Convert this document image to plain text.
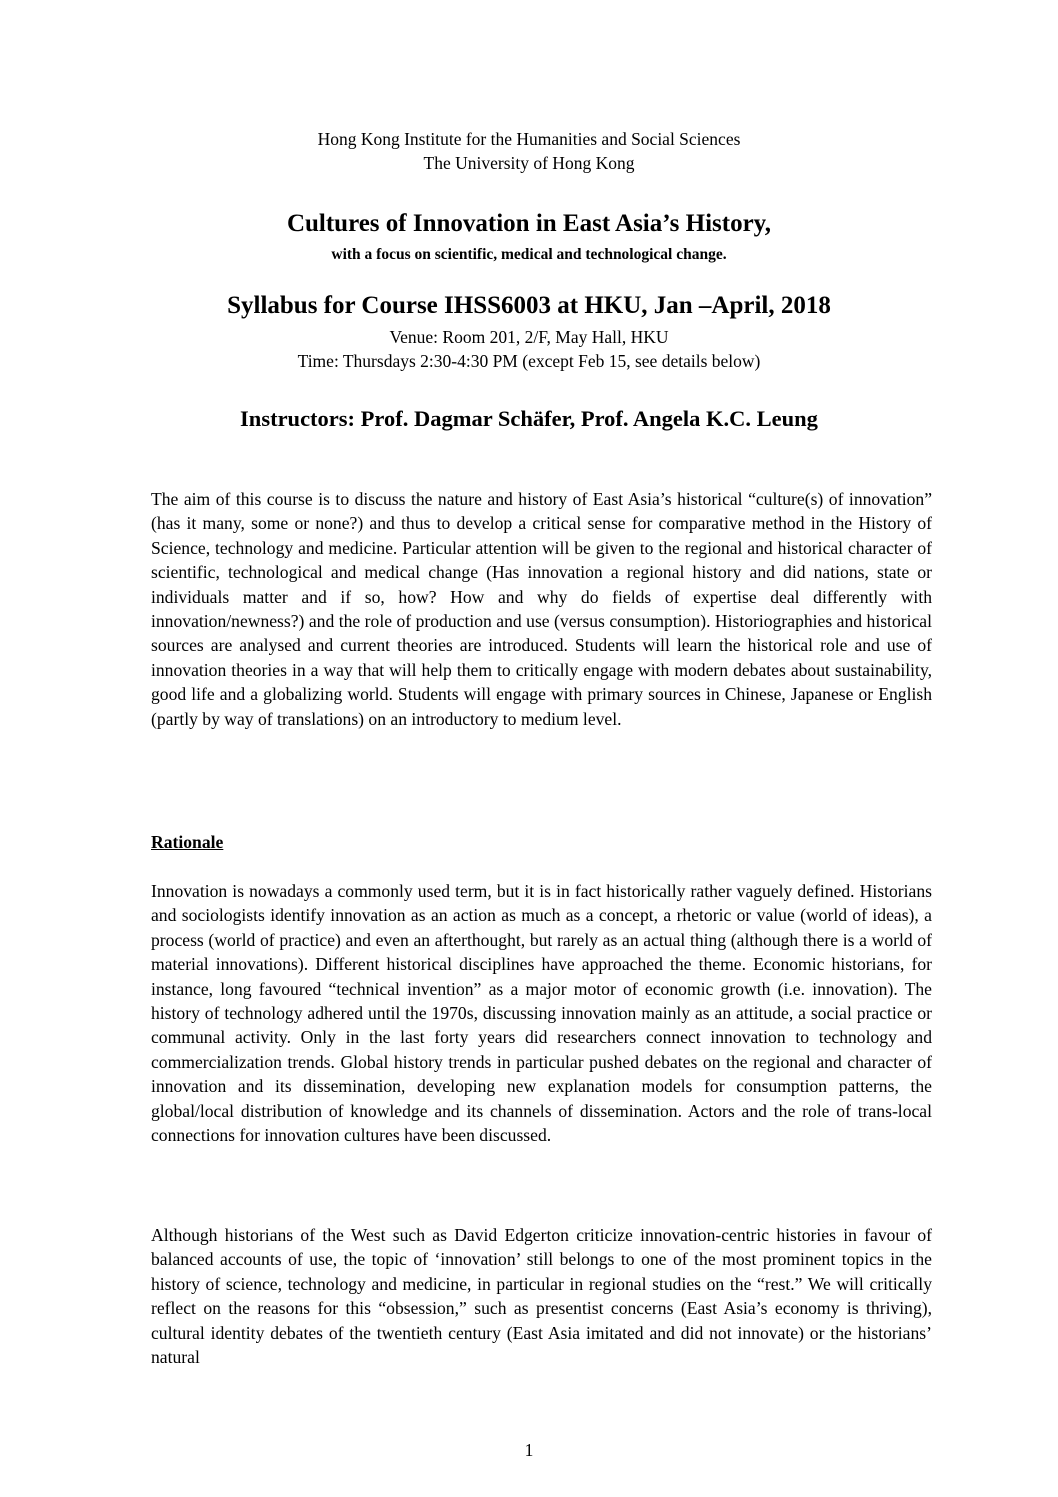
Hong Kong Institute for the Humanities and Social Sciences
The University of Hong Kong
Cultures of Innovation in East Asia’s History,
with a focus on scientific, medical and technological change.
Syllabus for Course IHSS6003 at HKU, Jan –April, 2018
Venue: Room 201, 2/F, May Hall, HKU
Time: Thursdays 2:30-4:30 PM (except Feb 15, see details below)
Instructors: Prof. Dagmar Schäfer, Prof. Angela K.C. Leung
The aim of this course is to discuss the nature and history of East Asia’s historical “culture(s) of innovation” (has it many, some or none?) and thus to develop a critical sense for comparative method in the History of Science, technology and medicine. Particular attention will be given to the regional and historical character of scientific, technological and medical change (Has innovation a regional history and did nations, state or individuals matter and if so, how? How and why do fields of expertise deal differently with innovation/newness?) and the role of production and use (versus consumption). Historiographies and historical sources are analysed and current theories are introduced. Students will learn the historical role and use of innovation theories in a way that will help them to critically engage with modern debates about sustainability, good life and a globalizing world. Students will engage with primary sources in Chinese, Japanese or English (partly by way of translations) on an introductory to medium level.
Rationale
Innovation is nowadays a commonly used term, but it is in fact historically rather vaguely defined. Historians and sociologists identify innovation as an action as much as a concept, a rhetoric or value (world of ideas), a process (world of practice) and even an afterthought, but rarely as an actual thing (although there is a world of material innovations). Different historical disciplines have approached the theme. Economic historians, for instance, long favoured “technical invention” as a major motor of economic growth (i.e. innovation). The history of technology adhered until the 1970s, discussing innovation mainly as an attitude, a social practice or communal activity. Only in the last forty years did researchers connect innovation to technology and commercialization trends. Global history trends in particular pushed debates on the regional and character of innovation and its dissemination, developing new explanation models for consumption patterns, the global/local distribution of knowledge and its channels of dissemination. Actors and the role of trans-local connections for innovation cultures have been discussed.
Although historians of the West such as David Edgerton criticize innovation-centric histories in favour of balanced accounts of use, the topic of ‘innovation’ still belongs to one of the most prominent topics in the history of science, technology and medicine, in particular in regional studies on the “rest.” We will critically reflect on the reasons for this “obsession,” such as presentist concerns (East Asia’s economy is thriving), cultural identity debates of the twentieth century (East Asia imitated and did not innovate) or the historians’ natural
1
